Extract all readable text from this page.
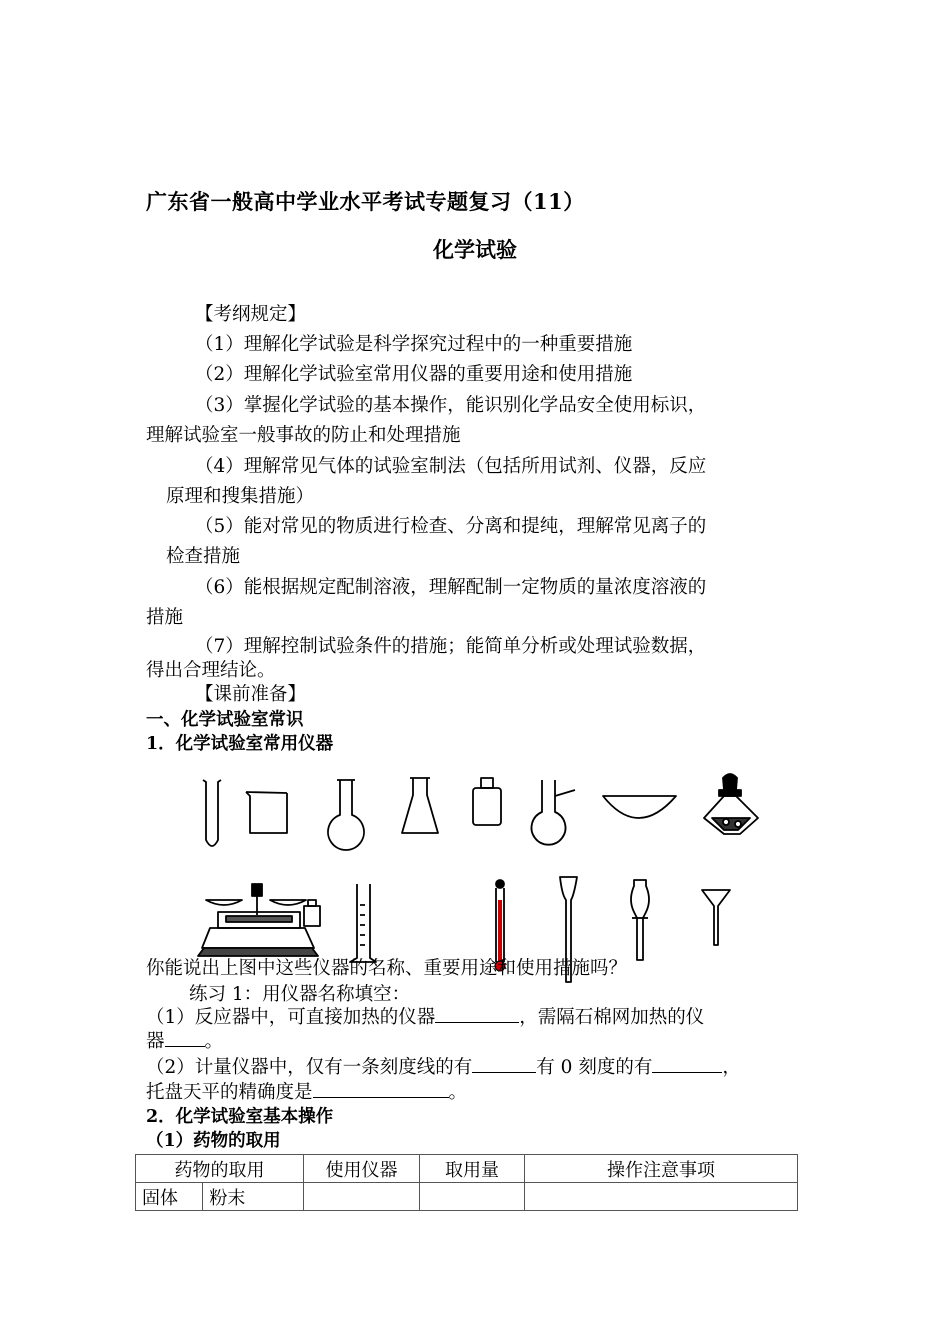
广东省一般高中学业水平考试专题复习（11）
化学试验
【考纲规定】
（1）理解化学试验是科学探究过程中的一种重要措施
（2）理解化学试验室常用仪器的重要用途和使用措施
（3）掌握化学试验的基本操作，能识别化学品安全使用标识，
理解试验室一般事故的防止和处理措施
（4）理解常见气体的试验室制法（包括所用试剂、仪器，反应
原理和搜集措施）
（5）能对常见的物质进行检查、分离和提纯，理解常见离子的
检查措施
（6）能根据规定配制溶液，理解配制一定物质的量浓度溶液的
措施
（7）理解控制试验条件的措施；能简单分析或处理试验数据，
得出合理结论。
【课前准备】
一、化学试验室常识
1．化学试验室常用仪器
你能说出上图中这些仪器的名称、重要用途和使用措施吗？
练习 1：用仪器名称填空：
（1）反应器中，可直接加热的仪器	，需隔石棉网加热的仪
器 。
（2）计量仪器中，仅有一条刻度线的有	有 0 刻度的有	，
托盘天平的精确度是	。
2．化学试验室基本操作
（1）药物的取用
药物的取用		使用仪器	取用量	操作注意事项
固体	粉末			
